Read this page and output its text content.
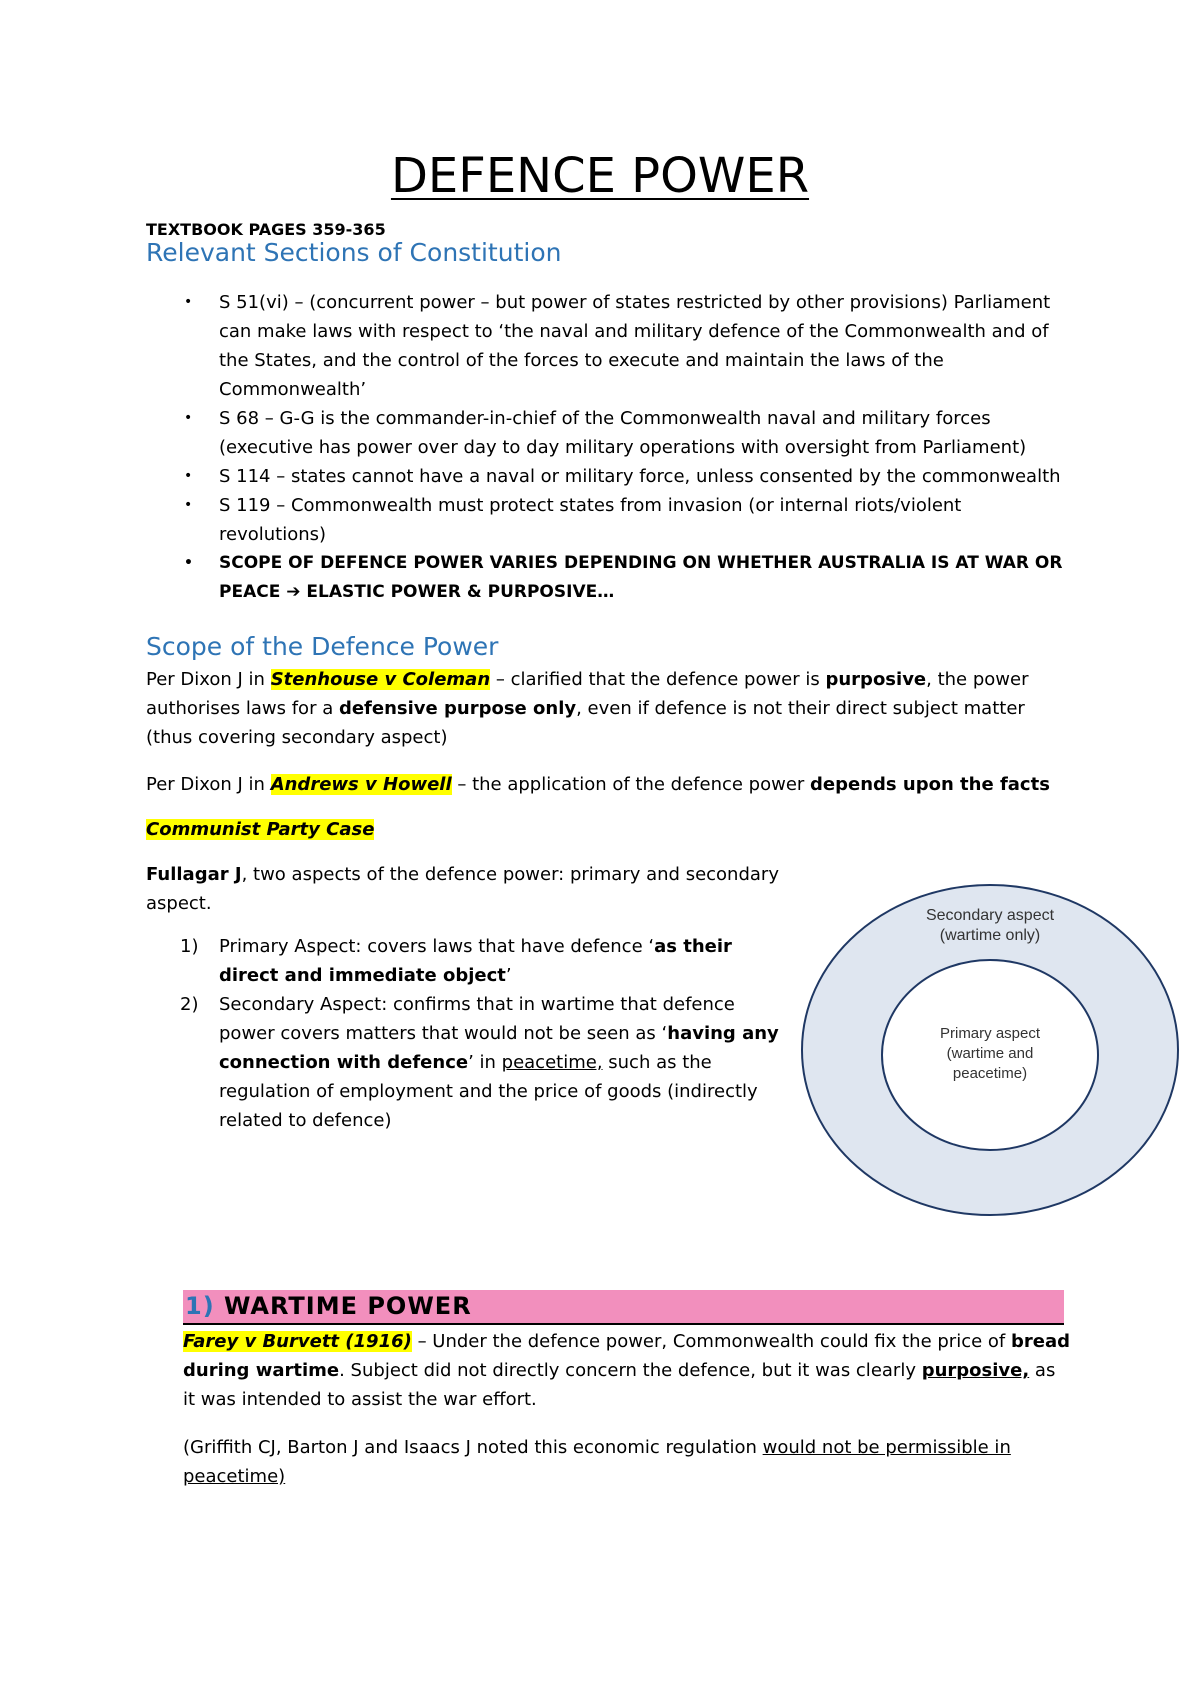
DEFENCE POWER
TEXTBOOK PAGES 359-365
Relevant Sections of Constitution
• S 51(vi) – (concurrent power – but power of states restricted by other provisions) Parliament can make laws with respect to ‘the naval and military defence of the Commonwealth and of the States, and the control of the forces to execute and maintain the laws of the Commonwealth’
• S 68 – G-G is the commander-in-chief of the Commonwealth naval and military forces (executive has power over day to day military operations with oversight from Parliament)
• S 114 – states cannot have a naval or military force, unless consented by the commonwealth
• S 119 – Commonwealth must protect states from invasion (or internal riots/violent revolutions)
• SCOPE OF DEFENCE POWER VARIES DEPENDING ON WHETHER AUSTRALIA IS AT WAR OR PEACE ➔ ELASTIC POWER & PURPOSIVE…
Scope of the Defence Power

Per Dixon J in Stenhouse v Coleman – clarified that the defence power is purposive, the power authorises laws for a defensive purpose only, even if defence is not their direct subject matter (thus covering secondary aspect)

Per Dixon J in Andrews v Howell – the application of the defence power depends upon the facts

Communist Party Case

Fullagar J, two aspects of the defence power: primary and secondary aspect.

1) Primary Aspect: covers laws that have defence ‘as their direct and immediate object’
2) Secondary Aspect: confirms that in wartime that defence power covers matters that would not be seen as ‘having any connection with defence’ in peacetime, such as the regulation of employment and the price of goods (indirectly related to defence)
Secondary aspect
(wartime only)
Primary aspect
(wartime and
peacetime)
1) WARTIME POWER

Farey v Burvett (1916) – Under the defence power, Commonwealth could fix the price of bread during wartime. Subject did not directly concern the defence, but it was clearly purposive, as it was intended to assist the war effort.

(Griffith CJ, Barton J and Isaacs J noted this economic regulation would not be permissible in peacetime)
